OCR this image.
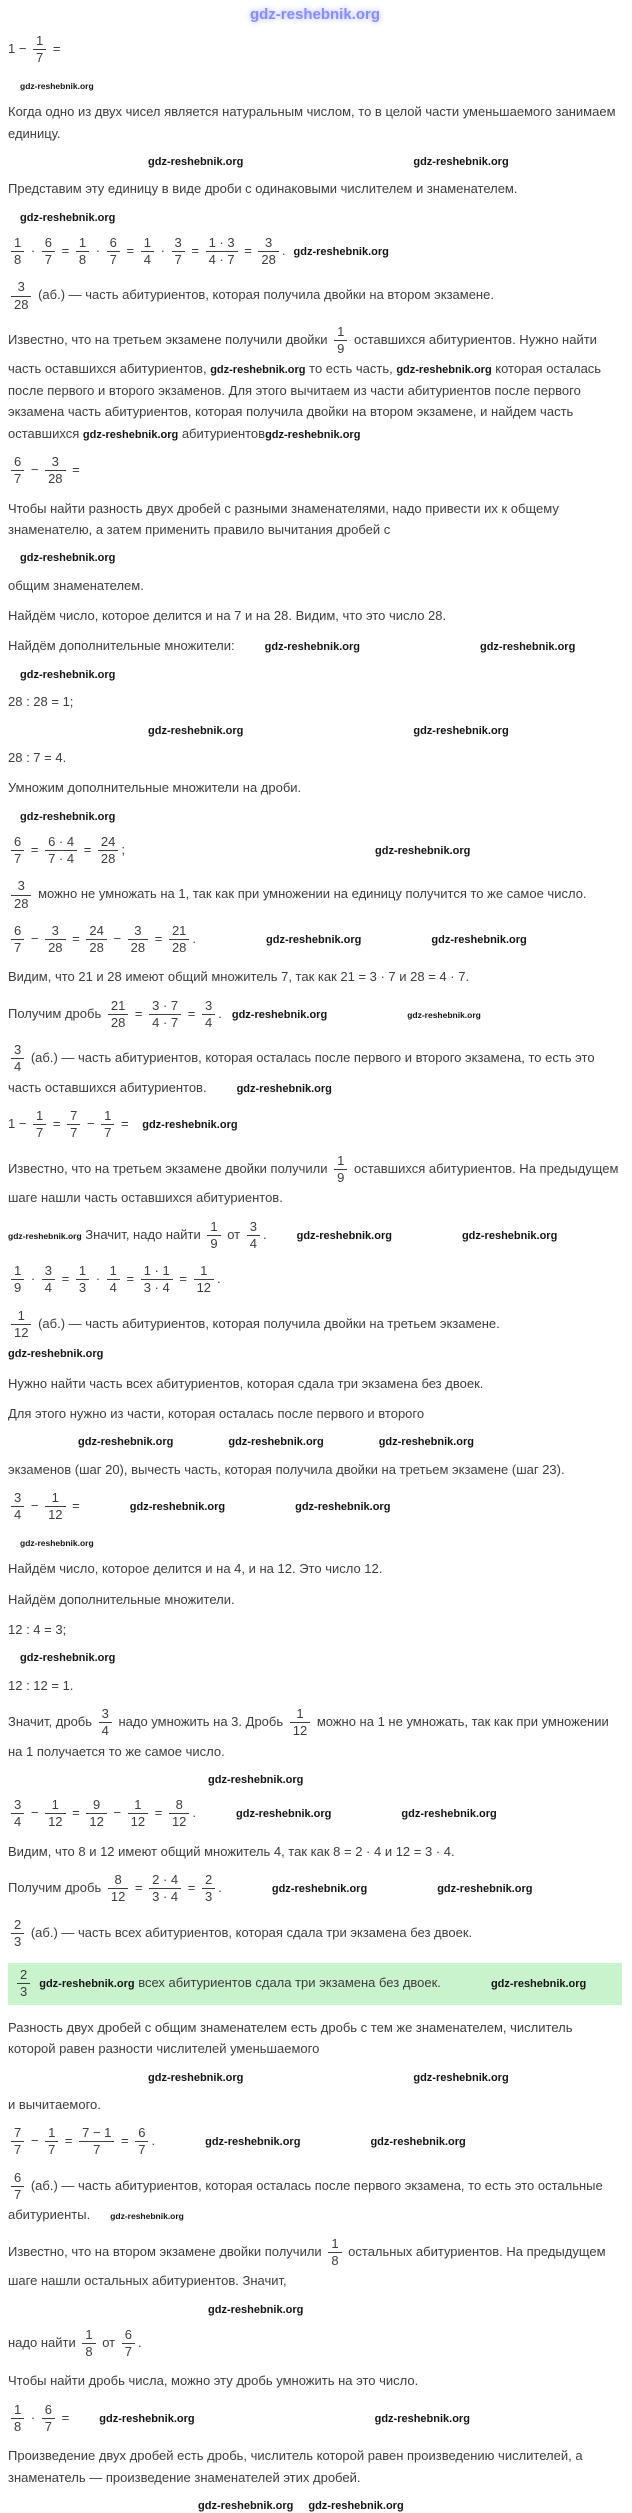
gdz-reshebnik.org
$1 - \frac{1}{7}$ =
gdz-reshebnik.org
Когда одно из двух чисел является натуральным числом, то в целой части уменьшаемого занимаем единицу.
gdz-reshebnik.org	gdz-reshebnik.org
Представим эту единицу в виде дроби с одинаковыми числителем и знаменателем.
gdz-reshebnik.org
$\frac{1}{8} \cdot \frac{6}{7} = \frac{1}{8} \cdot \frac{6}{7} = \frac{1}{4} \cdot \frac{3}{7} = \frac{1 \cdot 3}{4 \cdot 7} = \frac{3}{28}$ . gdz-reshebnik.org
$\frac{3}{28} (аб.)$ — часть абитуриентов, которая получила двойки на втором экзамене.
Известно, что на третьем экзамене получили двойки $\frac{1}{9}$ оставшихся абитуриентов. Нужно найти часть оставшихся абитуриентов, gdz-reshebnik.org то есть часть, gdz-reshebnik.org которая осталась после первого и второго экзаменов. Для этого вычитаем из части абитуриентов после первого экзамена часть абитуриентов, которая получила двойки на втором экзамене, и найдем часть оставшихся gdz-reshebnik.org абитуриентовgdz-reshebnik.org
$\frac{6}{7} - \frac{3}{28}$ =
Чтобы найти разность двух дробей с разными знаменателями, надо привести их к общему знаменателю, а затем применить правило вычитания дробей с
gdz-reshebnik.org
общим знаменателем.
Найдём число, которое делится и на 7 и на 28. Видим, что это число 28.
Найдём дополнительные множители:	gdz-reshebnik.org	gdz-reshebnik.org
gdz-reshebnik.org
28 : 28 = 1;
gdz-reshebnik.org	gdz-reshebnik.org
28 : 7 = 4.
Умножим дополнительные множители на дроби.
gdz-reshebnik.org
$\frac{6}{7} = \frac{6 \cdot 4}{7 \cdot 4} = \frac{24}{28}$ ;	gdz-reshebnik.org
$\frac{3}{28}$ можно не умножать на 1, так как при умножении на единицу получится то же самое число.
$\frac{6}{7} - \frac{3}{28} = \frac{24}{28} - \frac{3}{28} = \frac{21}{28}$ .	gdz-reshebnik.org	gdz-reshebnik.org
Видим, что 21 и 28 имеют общий множитель 7, так как 21 = 3 · 7 и 28 = 4 · 7.
Получим дробь $\frac{21}{28} = \frac{3 \cdot 7}{4 \cdot 7} = \frac{3}{4}$ . gdz-reshebnik.org	gdz-reshebnik.org
$\frac{3}{4} (аб.)$ — часть абитуриентов, которая осталась после первого и второго экзамена, то есть это часть оставшихся абитуриентов.	gdz-reshebnik.org
$1 - \frac{1}{7} = \frac{7}{7} - \frac{1}{7}$ = gdz-reshebnik.org
Известно, что на третьем экзамене двойки получили $\frac{1}{9}$ оставшихся абитуриентов. На предыдущем шаге нашли часть оставшихся абитуриентов.
gdz-reshebnik.org Значит, надо найти $\frac{1}{9}$ от $\frac{3}{4}$ .	gdz-reshebnik.org	gdz-reshebnik.org
$\frac{1}{9} \cdot \frac{3}{4} = \frac{1}{3} \cdot \frac{1}{4} = \frac{1 \cdot 1}{3 \cdot 4} = \frac{1}{12}$ .
$\frac{1}{12} (аб.)$ — часть абитуриентов, которая получила двойки на третьем экзамене.gdz-reshebnik.org
Нужно найти часть всех абитуриентов, которая сдала три экзамена без двоек.
Для этого нужно из части, которая осталась после первого и второго
gdz-reshebnik.org	gdz-reshebnik.org	gdz-reshebnik.org
экзаменов (шаг 20), вычесть часть, которая получила двойки на третьем экзамене (шаг 23).
$\frac{3}{4} - \frac{1}{12}$ =	gdz-reshebnik.org	gdz-reshebnik.org
gdz-reshebnik.org
Найдём число, которое делится и на 4, и на 12. Это число 12.
Найдём дополнительные множители.
12 : 4 = 3;
gdz-reshebnik.org
12 : 12 = 1.
Значит, дробь $\frac{3}{4}$ надо умножить на 3. Дробь $\frac{1}{12}$ можно на 1 не умножать, так как при умножении на 1 получается то же самое число.
gdz-reshebnik.org
$\frac{3}{4} - \frac{1}{12} = \frac{9}{12} - \frac{1}{12} = \frac{8}{12}$ .	gdz-reshebnik.org	gdz-reshebnik.org
Видим, что 8 и 12 имеют общий множитель 4, так как 8 = 2 · 4 и 12 = 3 · 4.
Получим дробь $\frac{8}{12} = \frac{2 \cdot 4}{3 \cdot 4} = \frac{2}{3}$ .	gdz-reshebnik.org	gdz-reshebnik.org
$\frac{2}{3} (аб.)$ — часть всех абитуриентов, которая сдала три экзамена без двоек.
$\frac{2}{3}$ gdz-reshebnik.org всех абитуриентов сдала три экзамена без двоек.	gdz-reshebnik.org
Разность двух дробей с общим знаменателем есть дробь с тем же знаменателем, числитель которой равен разности числителей уменьшаемого
gdz-reshebnik.org	gdz-reshebnik.org
и вычитаемого.
$\frac{7}{7} - \frac{1}{7} = \frac{7 - 1}{7} = \frac{6}{7}$ .	gdz-reshebnik.org	gdz-reshebnik.org
$\frac{6}{7} (аб.)$ — часть абитуриентов, которая осталась после первого экзамена, то есть это остальные абитуриенты. gdz-reshebnik.org
Известно, что на втором экзамене двойки получили $\frac{1}{8}$ остальных абитуриентов. На предыдущем шаге нашли остальных абитуриентов. Значит,
gdz-reshebnik.org
надо найти $\frac{1}{8}$ от $\frac{6}{7}$ .
Чтобы найти дробь числа, можно эту дробь умножить на это число.
$\frac{1}{8} \cdot \frac{6}{7}$ =	gdz-reshebnik.org	gdz-reshebnik.org
Произведение двух дробей есть дробь, числитель которой равен произведению числителей, а знаменатель — произведение знаменателей этих дробей.
gdz-reshebnik.org gdz-reshebnik.org
